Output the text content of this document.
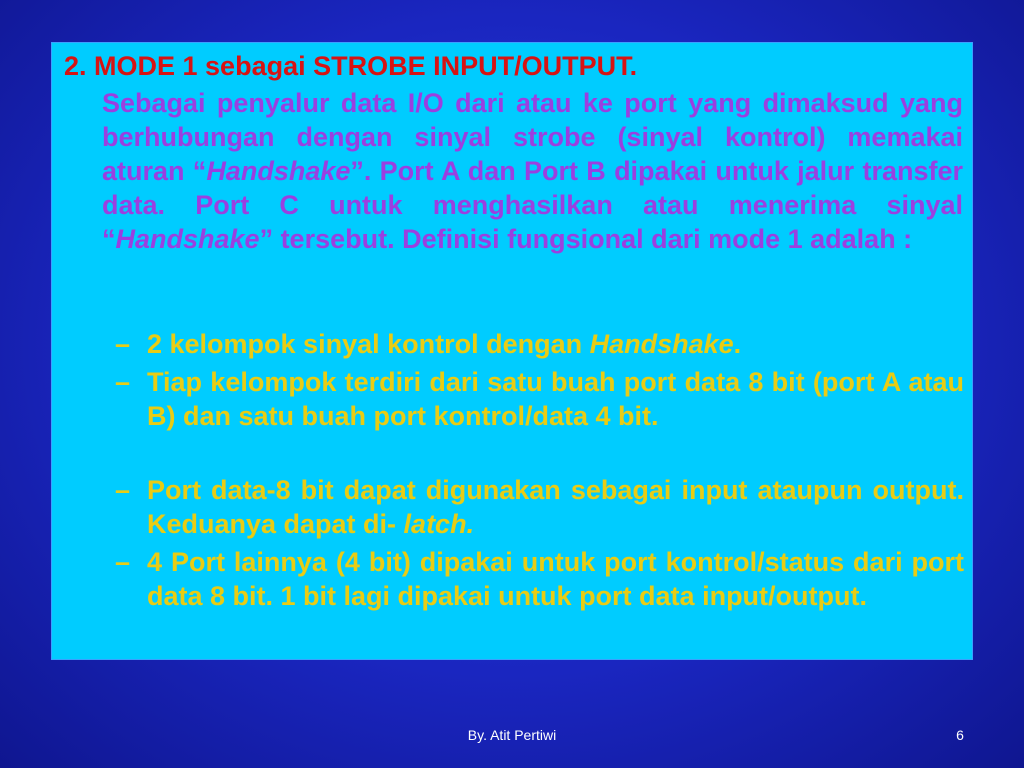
2. MODE 1 sebagai STROBE INPUT/OUTPUT.

Sebagai penyalur data I/O dari atau ke port yang dimaksud yang berhubungan dengan sinyal strobe (sinyal kontrol) memakai aturan “Handshake”. Port A dan Port B dipakai untuk jalur transfer data. Port C untuk menghasilkan atau menerima sinyal “Handshake” tersebut. Definisi fungsional dari mode 1 adalah :

– 2 kelompok sinyal kontrol dengan Handshake.
– Tiap kelompok terdiri dari satu buah port data 8 bit (port A atau B) dan satu buah port kontrol/data 4 bit.
– Port data-8 bit dapat digunakan sebagai input ataupun output. Keduanya dapat di- latch.
– 4 Port lainnya (4 bit) dipakai untuk port kontrol/status dari port data 8 bit. 1 bit lagi dipakai untuk port data input/output.
By. Atit Pertiwi	6
